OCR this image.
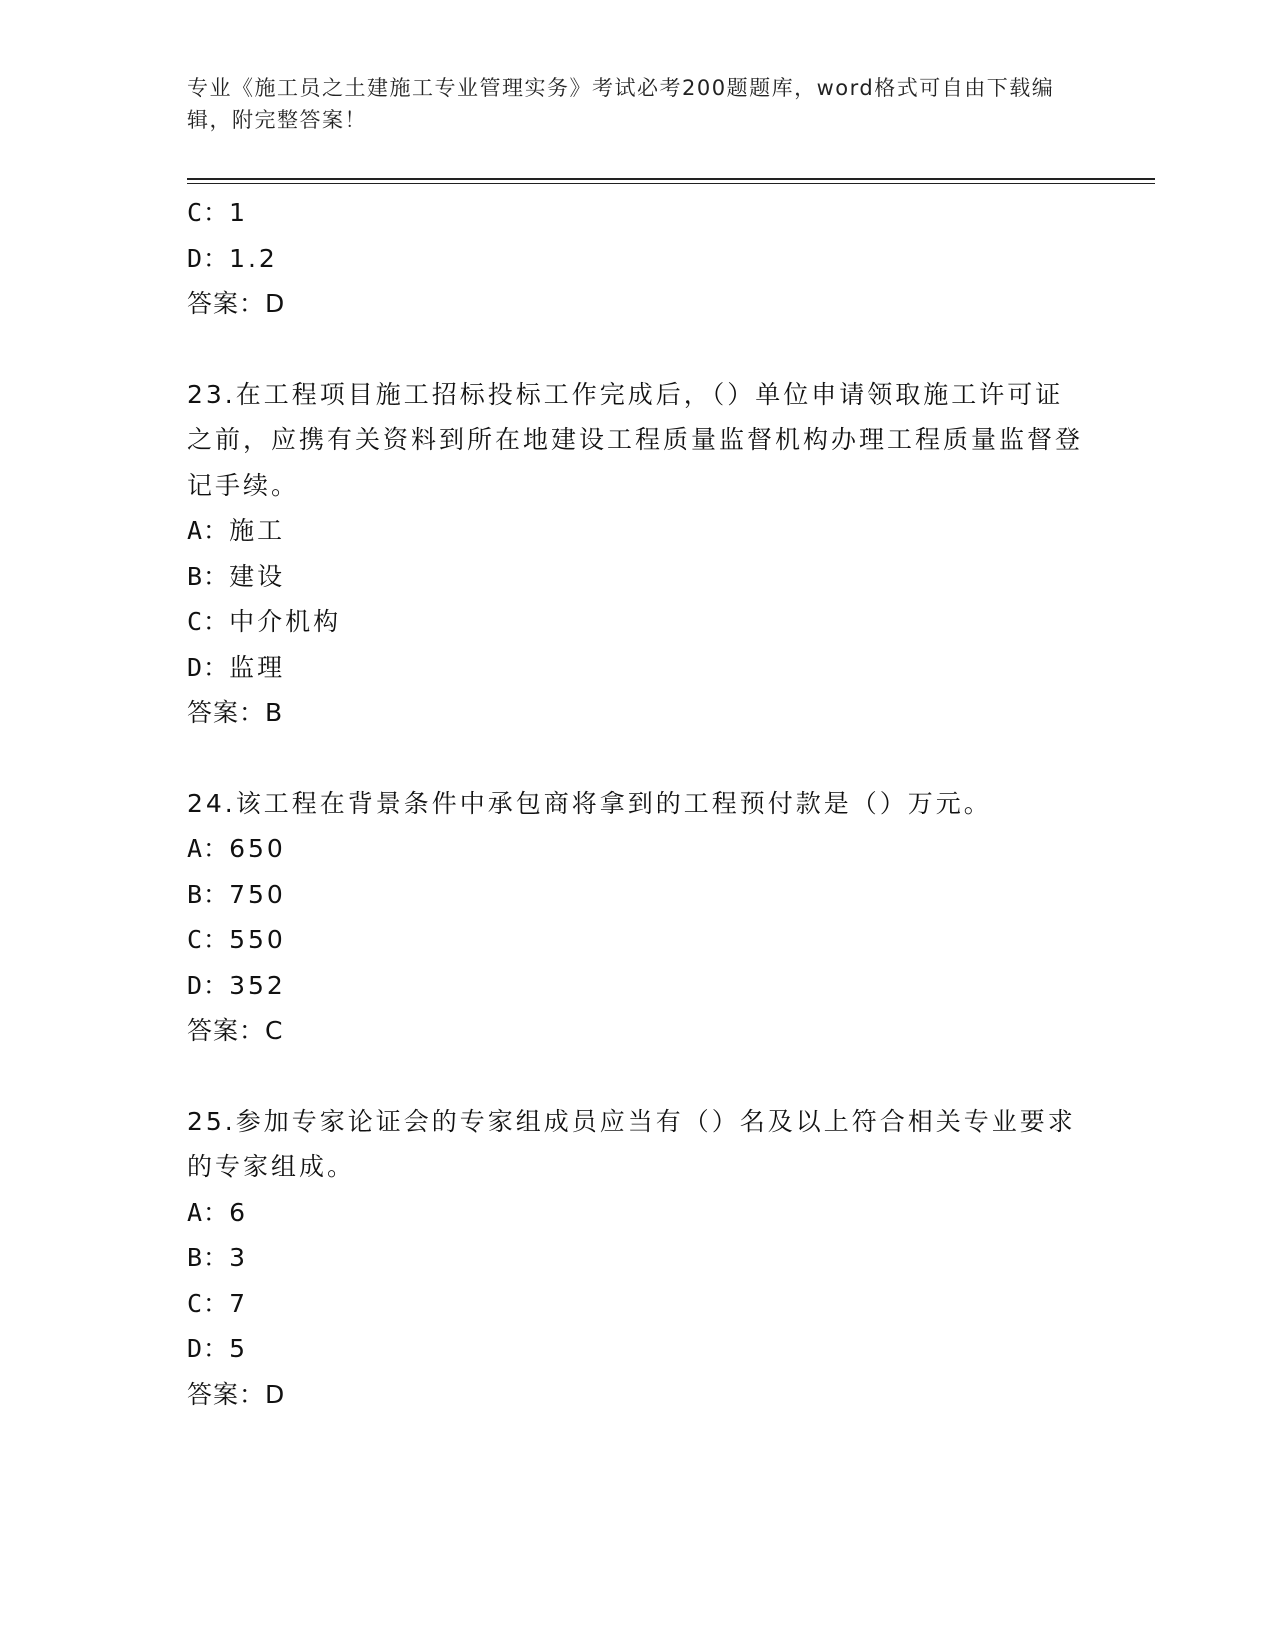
专业《施工员之土建施工专业管理实务》考试必考200题题库，word格式可自由下载编辑，附完整答案！

C：1

D：1.2

答案：D

23.在工程项目施工招标投标工作完成后，（）单位申请领取施工许可证之前，应携有关资料到所在地建设工程质量监督机构办理工程质量监督登记手续。

A：施工

B：建设

C：中介机构

D：监理

答案：B

24.该工程在背景条件中承包商将拿到的工程预付款是（）万元。

A：650

B：750

C：550

D：352

答案：C

25.参加专家论证会的专家组成员应当有（）名及以上符合相关专业要求的专家组成。

A：6

B：3

C：7

D：5

答案：D
